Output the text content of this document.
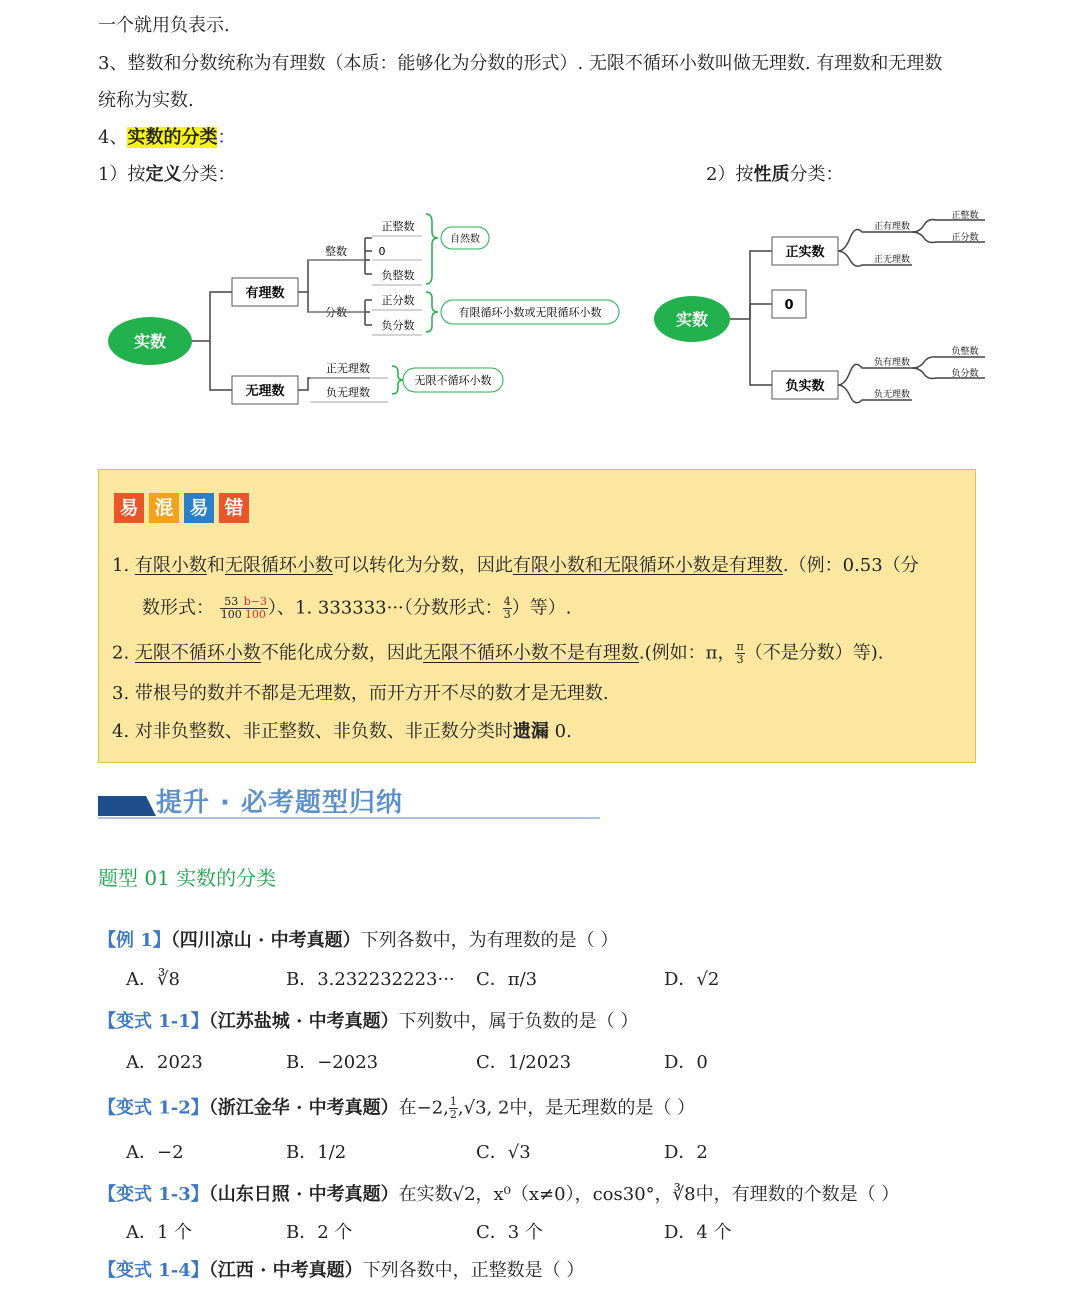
一个就用负表示.
3、整数和分数统称为有理数（本质：能够化为分数的形式）. 无限不循环小数叫做无理数. 有理数和无理数
统称为实数.
4、实数的分类：
1）按定义分类：	2）按性质分类：
实数
有理数
无理数
整数
分数
正整数
0
负整数
正分数
负分数
正无理数
负无理数
自然数
有限循环小数或无限循环小数
无限不循环小数
实数
正实数
0
负实数
正有理数
正无理数
正整数
正分数
负有理数
负无理数
负整数
负分数
易 混 易 错
1. 有限小数和无限循环小数可以转化为分数，因此有限小数和无限循环小数是有理数.（例：0.53（分
数形式： $\frac{53}{100} \frac{b-3}{100}$ ）、1. 333333···（分数形式： $\frac{4}{3}$ ）等）.
2. 无限不循环小数不能化成分数，因此无限不循环小数不是有理数.(例如：π， $\frac{\pi}{3}$ （不是分数）等).
3. 带根号的数并不都是无理数，而开方开不尽的数才是无理数.
4. 对非负整数、非正整数、非负数、非正数分类时遗漏 0.
提升 · 必考题型归纳
题型 01 实数的分类
【例 1】（四川凉山 · 中考真题）下列各数中，为有理数的是（ ）
A．∛8	B．3.232232223··· C．π/3	D．√2
【变式 1-1】（江苏盐城 · 中考真题）下列数中，属于负数的是（ ）
A．2023	B．−2023	C．1/2023	D．0
【变式 1-2】（浙江金华 · 中考真题）在−2, $\frac{1}{2} ,√3$, 2中，是无理数的是（ ）
A．−2	B．1/2	C．√3	D．2
【变式 1-3】（山东日照 · 中考真题）在实数√2，x⁰（x≠0），cos30°，∛8中，有理数的个数是（ ）
A．1 个	B．2 个	C．3 个	D．4 个
【变式 1-4】（江西 · 中考真题）下列各数中，正整数是（ ）
